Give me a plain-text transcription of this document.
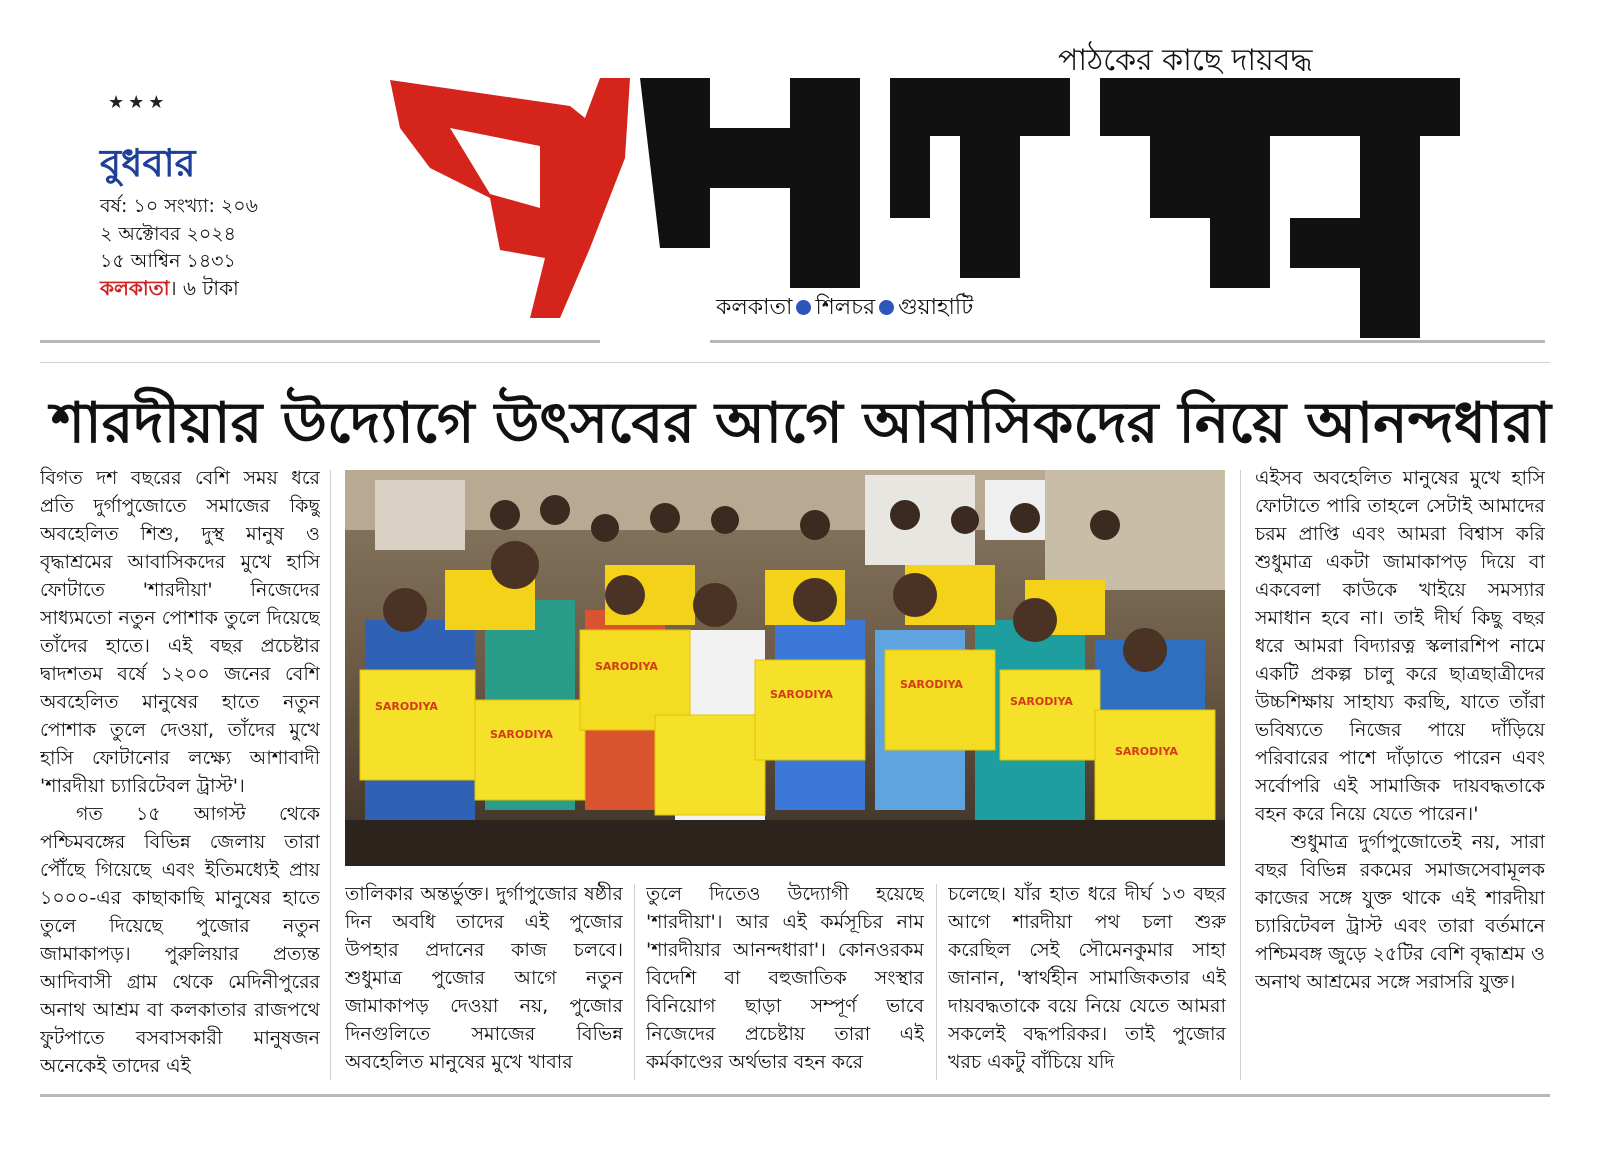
★★★
বুধবার
বর্ষ: ১০ সংখ্যা: ২০৬
২ অক্টোবর ২০২৪
১৫ আশ্বিন ১৪৩১
কলকাতা। ৬ টাকা
পাঠকের কাছে দায়বদ্ধ
কলকাতা শিলচর গুয়াহাটি
শারদীয়ার উদ্যোগে উৎসবের আগে আবাসিকদের নিয়ে আনন্দধারা

বিগত দশ বছরের বেশি সময় ধরে প্রতি দুর্গাপুজোতে সমাজের কিছু অবহেলিত শিশু, দুস্থ মানুষ ও বৃদ্ধাশ্রমের আবাসিকদের মুখে হাসি ফোটাতে 'শারদীয়া' নিজেদের সাধ্যমতো নতুন পোশাক তুলে দিয়েছে তাঁদের হাতে। এই বছর প্রচেষ্টার দ্বাদশতম বর্ষে ১২০০ জনের বেশি অবহেলিত মানুষের হাতে নতুন পোশাক তুলে দেওয়া, তাঁদের মুখে হাসি ফোটানোর লক্ষ্যে আশাবাদী 'শারদীয়া চ্যারিটেবল ট্রাস্ট'।

গত ১৫ আগস্ট থেকে পশ্চিমবঙ্গের বিভিন্ন জেলায় তারা পৌঁছে গিয়েছে এবং ইতিমধ্যেই প্রায় ১০০০-এর কাছাকাছি মানুষের হাতে তুলে দিয়েছে পুজোর নতুন জামাকাপড়। পুরুলিয়ার প্রত্যন্ত আদিবাসী গ্রাম থেকে মেদিনীপুরের অনাথ আশ্রম বা কলকাতার রাজপথে ফুটপাতে বসবাসকারী মানুষজন অনেকেই তাদের এই

SARODIYA
SARODIYA
SARODIYA
SARODIYA
SARODIYA
SARODIYA
SARODIYA

তালিকার অন্তর্ভুক্ত। দুর্গাপুজোর ষষ্ঠীর দিন অবধি তাদের এই পুজোর উপহার প্রদানের কাজ চলবে। শুধুমাত্র পুজোর আগে নতুন জামাকাপড় দেওয়া নয়, পুজোর দিনগুলিতে সমাজের বিভিন্ন অবহেলিত মানুষের মুখে খাবার

তুলে দিতেও উদ্যোগী হয়েছে 'শারদীয়া'। আর এই কর্মসূচির নাম 'শারদীয়ার আনন্দধারা'। কোনওরকম বিদেশি বা বহুজাতিক সংস্থার বিনিয়োগ ছাড়া সম্পূর্ণ ভাবে নিজেদের প্রচেষ্টায় তারা এই কর্মকাণ্ডের অর্থভার বহন করে

চলেছে। যাঁর হাত ধরে দীর্ঘ ১৩ বছর আগে শারদীয়া পথ চলা শুরু করেছিল সেই সৌমেনকুমার সাহা জানান, 'স্বার্থহীন সামাজিকতার এই দায়বদ্ধতাকে বয়ে নিয়ে যেতে আমরা সকলেই বদ্ধপরিকর। তাই পুজোর খরচ একটু বাঁচিয়ে যদি

এইসব অবহেলিত মানুষের মুখে হাসি ফোটাতে পারি তাহলে সেটাই আমাদের চরম প্রাপ্তি এবং আমরা বিশ্বাস করি শুধুমাত্র একটা জামাকাপড় দিয়ে বা একবেলা কাউকে খাইয়ে সমস্যার সমাধান হবে না। তাই দীর্ঘ কিছু বছর ধরে আমরা বিদ্যারত্ন স্কলারশিপ নামে একটি প্রকল্প চালু করে ছাত্রছাত্রীদের উচ্চশিক্ষায় সাহায্য করছি, যাতে তাঁরা ভবিষ্যতে নিজের পায়ে দাঁড়িয়ে পরিবারের পাশে দাঁড়াতে পারেন এবং সর্বোপরি এই সামাজিক দায়বদ্ধতাকে বহন করে নিয়ে যেতে পারেন।'

শুধুমাত্র দুর্গাপুজোতেই নয়, সারা বছর বিভিন্ন রকমের সমাজসেবামূলক কাজের সঙ্গে যুক্ত থাকে এই শারদীয়া চ্যারিটেবল ট্রাস্ট এবং তারা বর্তমানে পশ্চিমবঙ্গ জুড়ে ২৫টির বেশি বৃদ্ধাশ্রম ও অনাথ আশ্রমের সঙ্গে সরাসরি যুক্ত।
